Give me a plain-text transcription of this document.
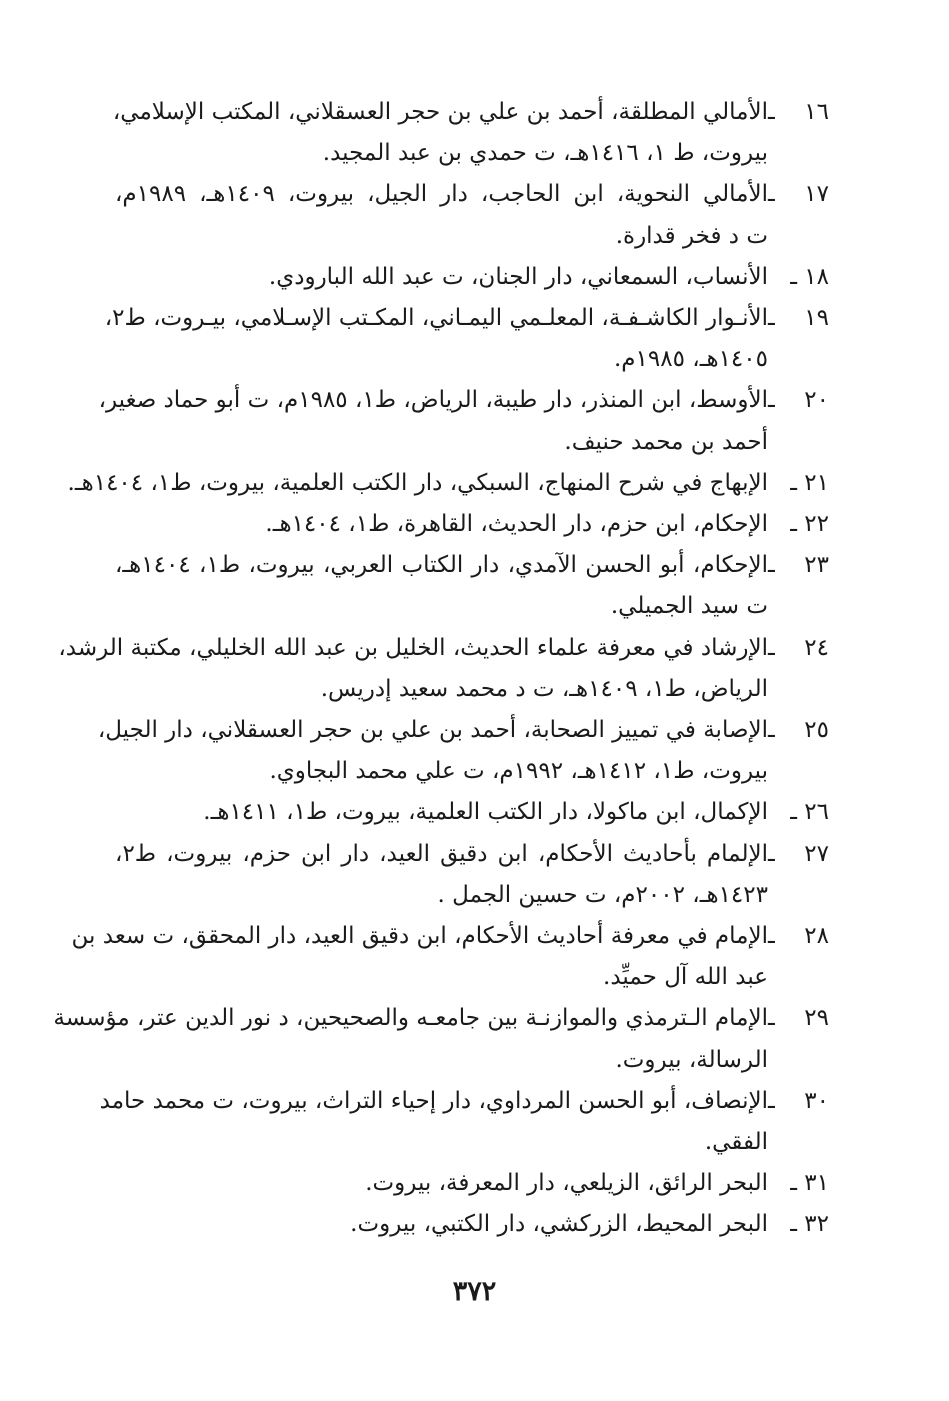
١٦ ـالأمالي المطلقة، أحمد بن علي بن حجر العسقلاني، المكتب الإسلامي،
بيروت، ط ١، ١٤١٦هـ، ت حمدي بن عبد المجيد.
١٧ ـالأمالي النحوية، ابن الحاجب، دار الجيل، بيروت، ١٤٠٩هـ، ١٩٨٩م،
ت د فخر قدارة.
١٨ ـالأنساب، السمعاني، دار الجنان، ت عبد الله البارودي.
١٩ ـالأنـوار الكاشـفـة، المعلـمي اليمـاني، المكـتب الإسـلامي، بيـروت، ط٢،
١٤٠٥هـ، ١٩٨٥م.
٢٠ ـالأوسط، ابن المنذر، دار طيبة، الرياض، ط١، ١٩٨٥م، ت أبو حماد صغير،
أحمد بن محمد حنيف.
٢١ ـالإبهاج في شرح المنهاج، السبكي، دار الكتب العلمية، بيروت، ط١، ١٤٠٤هـ.
٢٢ ـالإحكام، ابن حزم، دار الحديث، القاهرة، ط١، ١٤٠٤هـ.
٢٣ ـالإحكام، أبو الحسن الآمدي، دار الكتاب العربي، بيروت، ط١، ١٤٠٤هـ،
ت سيد الجميلي.
٢٤ ـالإرشاد في معرفة علماء الحديث، الخليل بن عبد الله الخليلي، مكتبة الرشد،
الرياض، ط١، ١٤٠٩هـ، ت د محمد سعيد إدريس.
٢٥ ـالإصابة في تمييز الصحابة، أحمد بن علي بن حجر العسقلاني، دار الجيل،
بيروت، ط١، ١٤١٢هـ، ١٩٩٢م، ت علي محمد البجاوي.
٢٦ ـالإكمال، ابن ماكولا، دار الكتب العلمية، بيروت، ط١، ١٤١١هـ.
٢٧ ـالإلمام بأحاديث الأحكام، ابن دقيق العيد، دار ابن حزم، بيروت، ط٢،
١٤٢٣هـ، ٢٠٠٢م، ت حسين الجمل .
٢٨ ـالإمام في معرفة أحاديث الأحكام، ابن دقيق العيد، دار المحقق، ت سعد بن
عبد الله آل حميِّد.
٢٩ ـالإمام الـترمذي والموازنـة بين جامعـه والصحيحين، د نور الدين عتر، مؤسسة
الرسالة، بيروت.
٣٠ ـالإنصاف، أبو الحسن المرداوي، دار إحياء التراث، بيروت، ت محمد حامد
الفقي.
٣١ ـالبحر الرائق، الزيلعي، دار المعرفة، بيروت.
٣٢ ـالبحر المحيط، الزركشي، دار الكتبي، بيروت.
٣٧٢
